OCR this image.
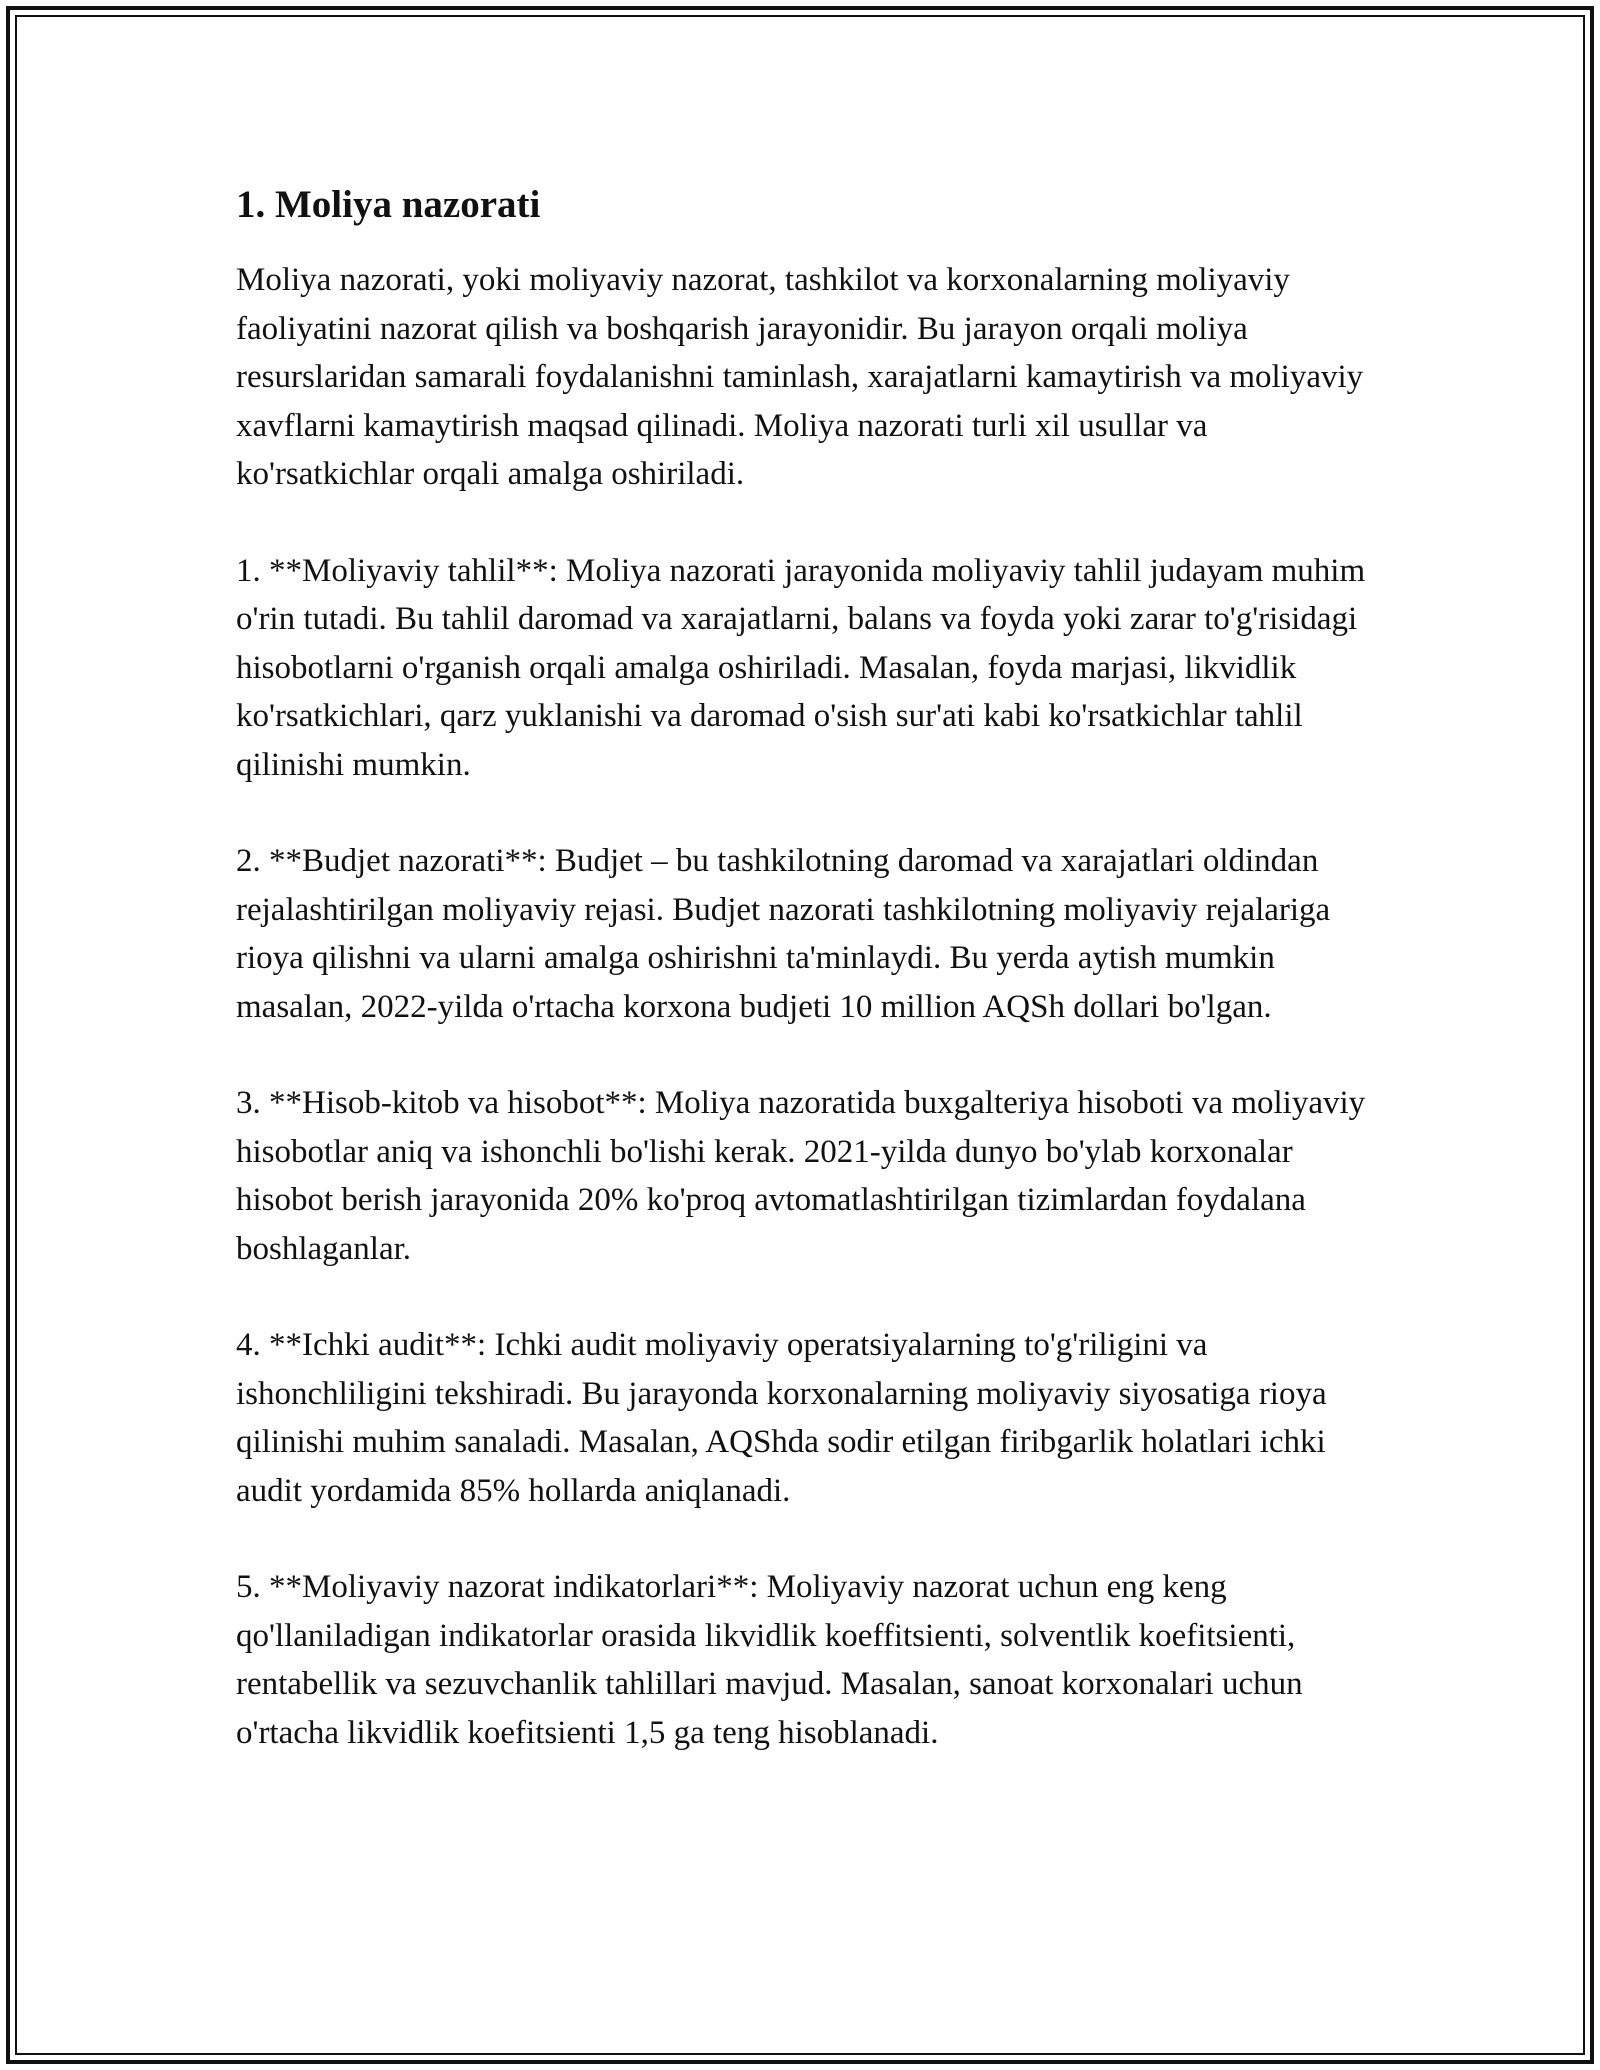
1. Moliya nazorati

Moliya nazorati, yoki moliyaviy nazorat, tashkilot va korxonalarning moliyaviy faoliyatini nazorat qilish va boshqarish jarayonidir. Bu jarayon orqali moliya resurslaridan samarali foydalanishni taminlash, xarajatlarni kamaytirish va moliyaviy xavflarni kamaytirish maqsad qilinadi. Moliya nazorati turli xil usullar va ko'rsatkichlar orqali amalga oshiriladi.

1. **Moliyaviy tahlil**: Moliya nazorati jarayonida moliyaviy tahlil judayam muhim o'rin tutadi. Bu tahlil daromad va xarajatlarni, balans va foyda yoki zarar to'g'risidagi hisobotlarni o'rganish orqali amalga oshiriladi. Masalan, foyda marjasi, likvidlik ko'rsatkichlari, qarz yuklanishi va daromad o'sish sur'ati kabi ko'rsatkichlar tahlil qilinishi mumkin.

2. **Budjet nazorati**: Budjet – bu tashkilotning daromad va xarajatlari oldindan rejalashtirilgan moliyaviy rejasi. Budjet nazorati tashkilotning moliyaviy rejalariga rioya qilishni va ularni amalga oshirishni ta'minlaydi. Bu yerda aytish mumkin masalan, 2022-yilda o'rtacha korxona budjeti 10 million AQSh dollari bo'lgan.

3. **Hisob-kitob va hisobot**: Moliya nazoratida buxgalteriya hisoboti va moliyaviy hisobotlar aniq va ishonchli bo'lishi kerak. 2021-yilda dunyo bo'ylab korxonalar hisobot berish jarayonida 20% ko'proq avtomatlashtirilgan tizimlardan foydalana boshlaganlar.

4. **Ichki audit**: Ichki audit moliyaviy operatsiyalarning to'g'riligini va ishonchliligini tekshiradi. Bu jarayonda korxonalarning moliyaviy siyosatiga rioya qilinishi muhim sanaladi. Masalan, AQShda sodir etilgan firibgarlik holatlari ichki audit yordamida 85% hollarda aniqlanadi.

5. **Moliyaviy nazorat indikatorlari**: Moliyaviy nazorat uchun eng keng qo'llaniladigan indikatorlar orasida likvidlik koeffitsienti, solventlik koefitsienti, rentabellik va sezuvchanlik tahlillari mavjud. Masalan, sanoat korxonalari uchun o'rtacha likvidlik koefitsienti 1,5 ga teng hisoblanadi.
